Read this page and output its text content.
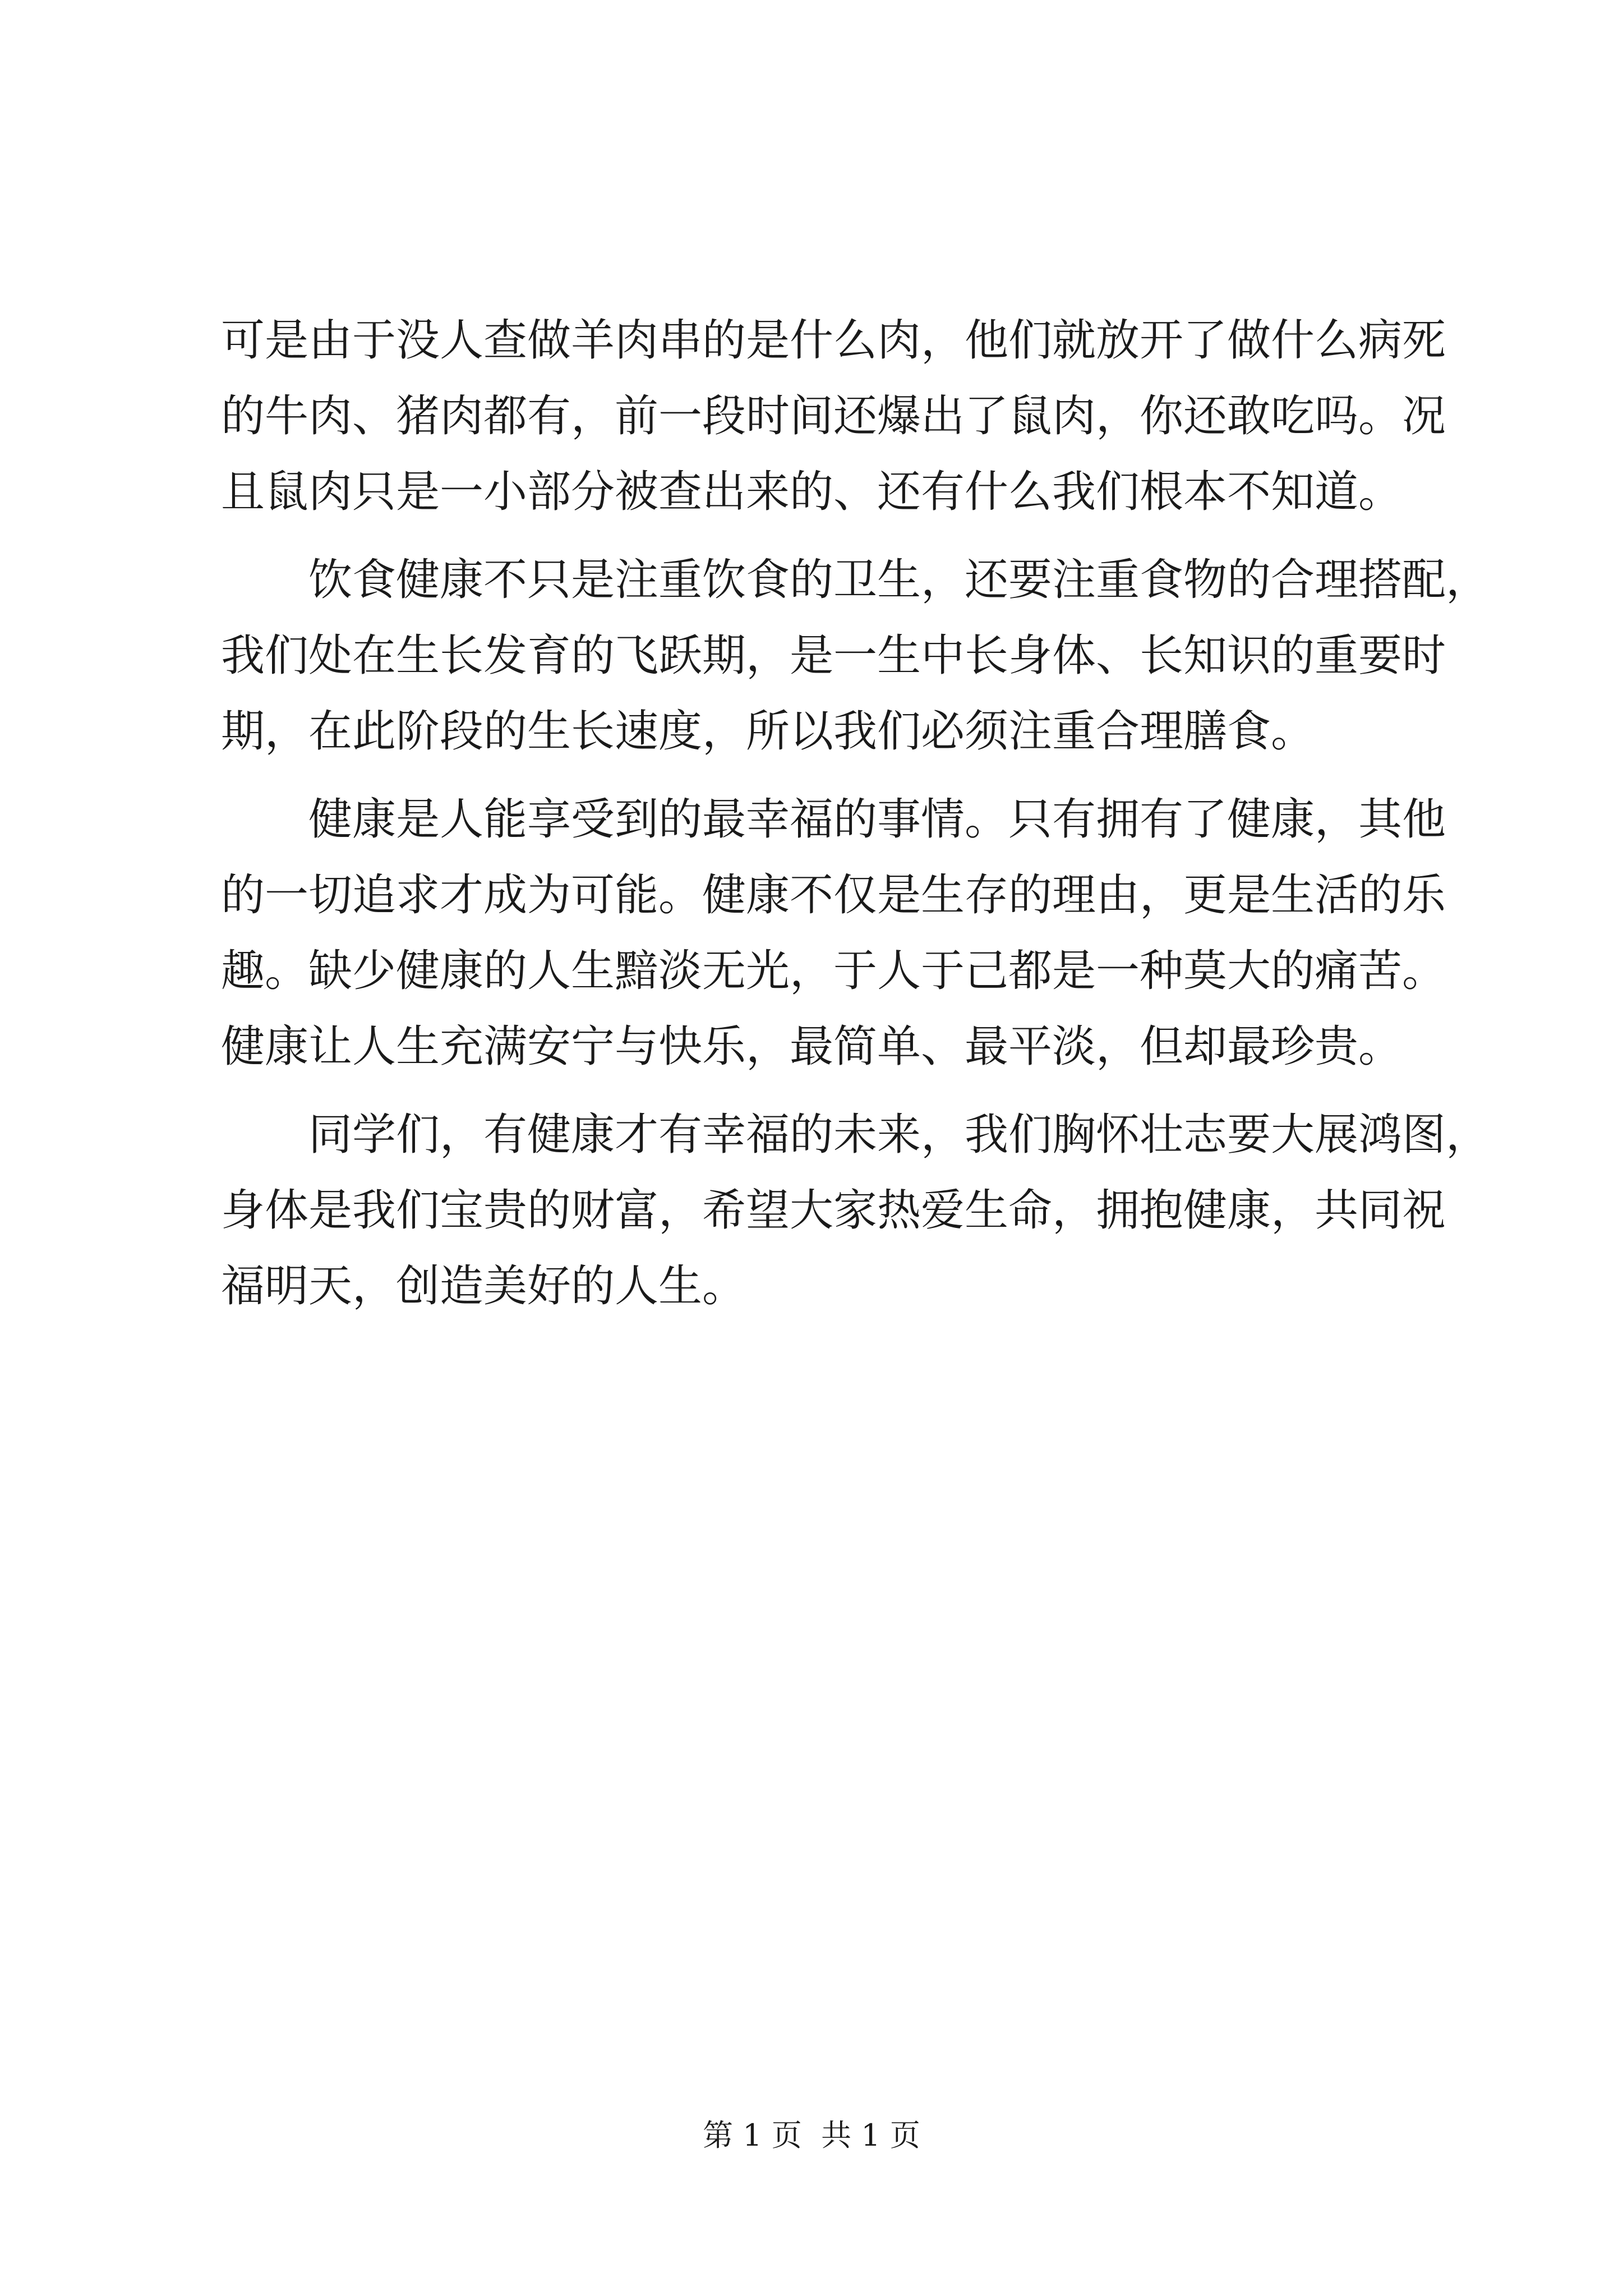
可是由于没人查做羊肉串的是什么肉，他们就放开了做什么病死
的牛肉、猪肉都有，前一段时间还爆出了鼠肉，你还敢吃吗。况
且鼠肉只是一小部分被查出来的、还有什么我们根本不知道。
饮食健康不只是注重饮食的卫生，还要注重食物的合理搭配，
我们处在生长发育的飞跃期，是一生中长身体、长知识的重要时
期，在此阶段的生长速度，所以我们必须注重合理膳食。
健康是人能享受到的最幸福的事情。只有拥有了健康，其他
的一切追求才成为可能。健康不仅是生存的理由，更是生活的乐
趣。缺少健康的人生黯淡无光，于人于己都是一种莫大的痛苦。
健康让人生充满安宁与快乐，最简单、最平淡，但却最珍贵。
同学们，有健康才有幸福的未来，我们胸怀壮志要大展鸿图，
身体是我们宝贵的财富，希望大家热爱生命，拥抱健康，共同祝
福明天，创造美好的人生。
第 1 页  共 1 页
